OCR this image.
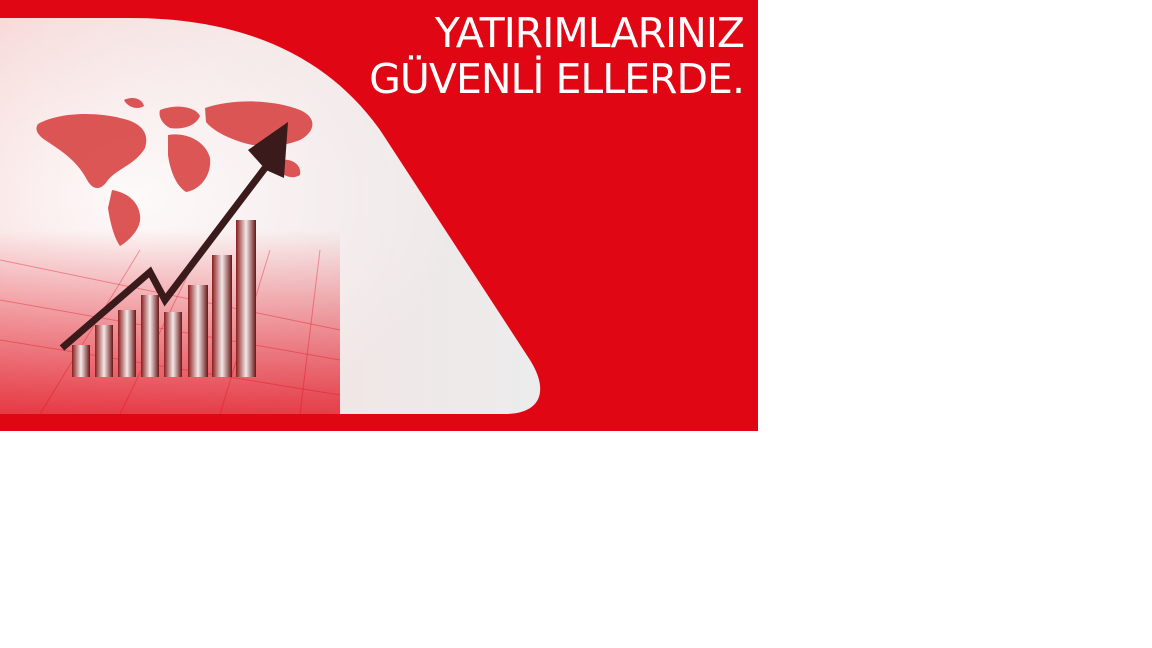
YATIRIMLARINIZ
GÜVENLİ ELLERDE.
